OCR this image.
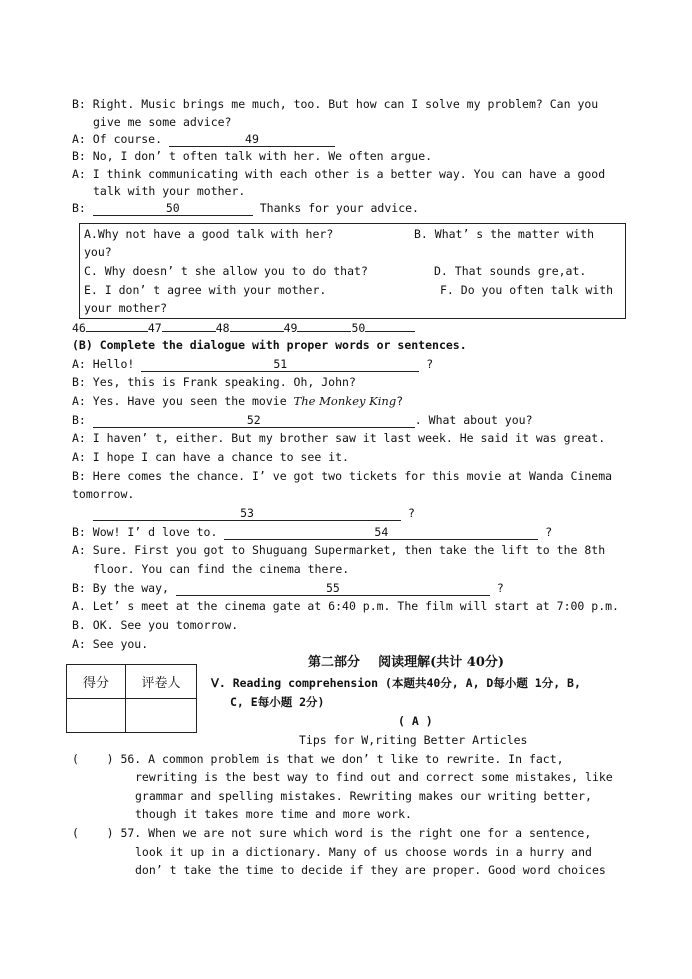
B: Right. Music brings me much, too. But how can I solve my problem? Can you
give me some advice?
A: Of course.	49
B: No, I don’ t often talk with her. We often argue.
A: I think communicating with each other is a better way. You can have a good
talk with your mother.
B:	50	Thanks for your advice.
A.Why not have a good talk with her?	B. What’ s the matter with
you?
C. Why doesn’ t she allow you to do that?	D. That sounds gre,at.
E. I don’ t agree with your mother.	F. Do you often talk with
your mother?
46	47	48	49	50
(B) Complete the dialogue with proper words or sentences.
A: Hello!	51	?
B: Yes, this is Frank speaking. Oh, John?
A: Yes. Have you seen the movie The Monkey King?
B:	52	. What about you?
A: I haven’ t, either. But my brother saw it last week. He said it was great.
A: I hope I can have a chance to see it.
B: Here comes the chance. I’ ve got two tickets for this movie at Wanda Cinema
tomorrow.
53	?
B: Wow! I’ d love to.	54	?
A: Sure. First you got to Shuguang Supermarket, then take the lift to the 8th
floor. You can find the cinema there.
B: By the way,	55	?
A. Let’ s meet at the cinema gate at 6:40 p.m. The film will start at 7:00 p.m.
B. OK. See you tomorrow.
A: See you.
得分	评卷人

第二部分    阅读理解(共计 40分)
Ⅴ. Reading comprehension (本题共40分, A, D每小题 1分, B,
C, E每小题 2分)
( A )
Tips for W,riting Better Articles
(    ) 56. A common problem is that we don’ t like to rewrite. In fact,
rewriting is the best way to find out and correct some mistakes, like
grammar and spelling mistakes. Rewriting makes our writing better,
though it takes more time and more work.
(    ) 57. When we are not sure which word is the right one for a sentence,
look it up in a dictionary. Many of us choose words in a hurry and
don’ t take the time to decide if they are proper. Good word choices
